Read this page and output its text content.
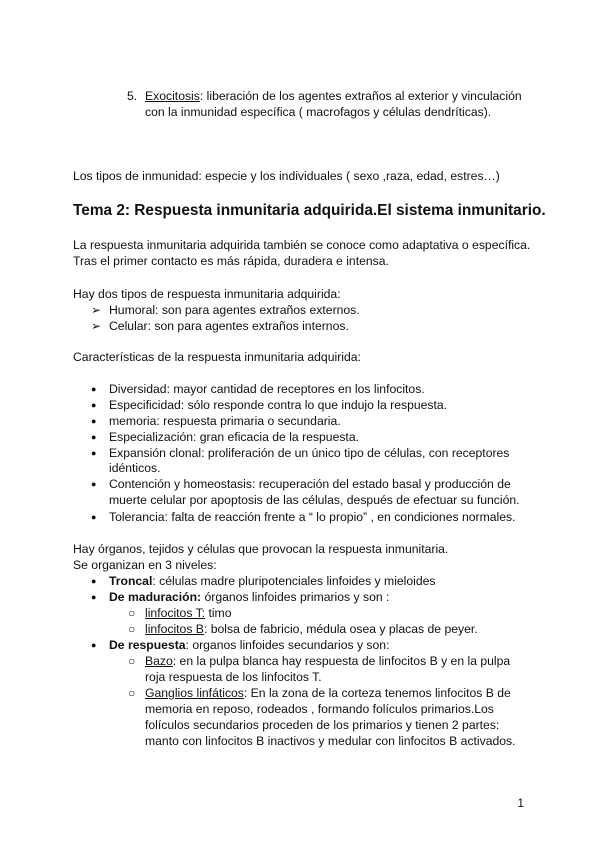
5. Exocitosis: liberación de los agentes extraños al exterior y vinculación
con la inmunidad específica ( macrofagos y células dendríticas).
Los tipos de inmunidad: especie y los individuales ( sexo ,raza, edad, estres…)
Tema 2: Respuesta inmunitaria adquirida.El sistema inmunitario.
La respuesta inmunitaria adquirida también se conoce como adaptativa o específica.
Tras el primer contacto es más rápida, duradera e intensa.
Hay dos tipos de respuesta inmunitaria adquirida:
➢ Humoral: son para agentes extraños externos.
➢ Celular: son para agentes extraños internos.
Características de la respuesta inmunitaria adquirida:
● Diversidad: mayor cantidad de receptores en los linfocitos.
● Especificidad: sólo responde contra lo que indujo la respuesta.
● memoria: respuesta primaria o secundaria.
● Especialización: gran eficacia de la respuesta.
● Expansión clonal: proliferación de un único tipo de células, con receptores
idénticos.
● Contención y homeostasis: recuperación del estado basal y producción de
muerte celular por apoptosis de las células, después de efectuar su función.
● Tolerancia: falta de reacción frente a “ lo propio” , en condiciones normales.
Hay órganos, tejidos y células que provocan la respuesta inmunitaria.
Se organizan en 3 niveles:
● Troncal: células madre pluripotenciales linfoides y mieloides
● De maduración: órganos linfoides primarios y son :
○ linfocitos T: timo
○ linfocitos B: bolsa de fabricio, médula osea y placas de peyer.
● De respuesta: organos linfoides secundarios y son:
○ Bazo: en la pulpa blanca hay respuesta de linfocitos B y en la pulpa
roja respuesta de los linfocitos T.
○ Ganglios linfáticos: En la zona de la corteza tenemos linfocitos B de
memoria en reposo, rodeados , formando folículos primarios.Los
folículos secundarios proceden de los primarios y tienen 2 partes:
manto con linfocitos B inactivos y medular con linfocitos B activados.
1
